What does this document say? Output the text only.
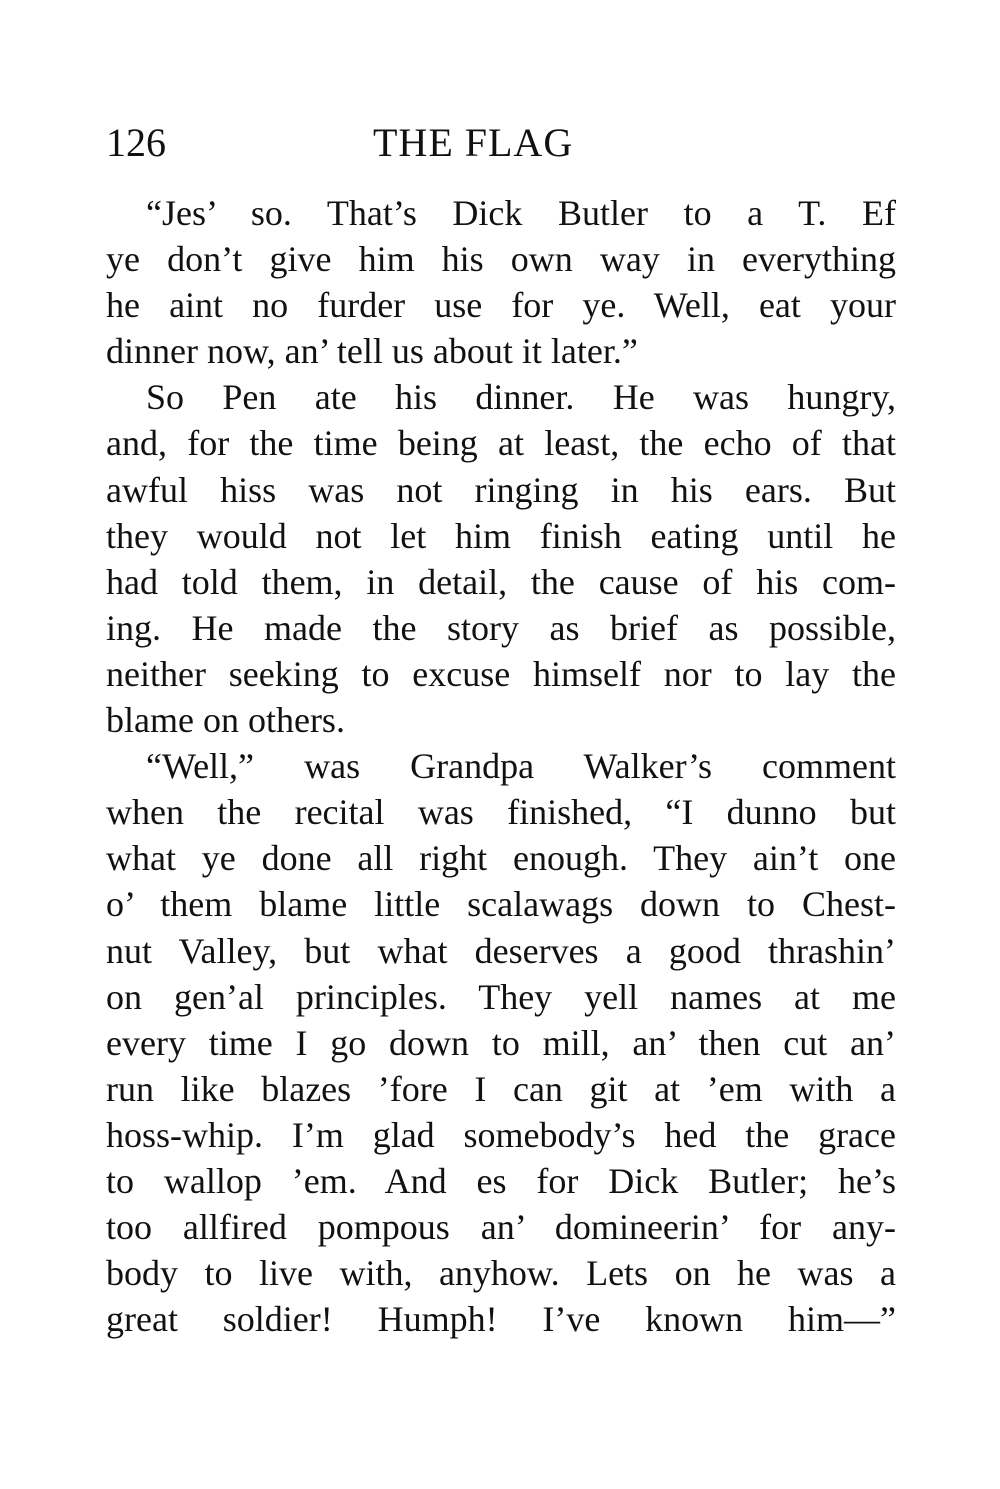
126	THE FLAG
“Jes’ so. That’s Dick Butler to a T. Ef
ye don’t give him his own way in everything
he aint no furder use for ye. Well, eat your
dinner now, an’ tell us about it later.”
So Pen ate his dinner. He was hungry,
and, for the time being at least, the echo of that
awful hiss was not ringing in his ears. But
they would not let him finish eating until he
had told them, in detail, the cause of his com-
ing. He made the story as brief as possible,
neither seeking to excuse himself nor to lay the
blame on others.
“Well,” was Grandpa Walker’s comment
when the recital was finished, “I dunno but
what ye done all right enough. They ain’t one
o’ them blame little scalawags down to Chest-
nut Valley, but what deserves a good thrashin’
on gen’al principles. They yell names at me
every time I go down to mill, an’ then cut an’
run like blazes ’fore I can git at ’em with a
hoss-whip. I’m glad somebody’s hed the grace
to wallop ’em. And es for Dick Butler; he’s
too allfired pompous an’ domineerin’ for any-
body to live with, anyhow. Lets on he was a
great soldier! Humph! I’ve known him—”
